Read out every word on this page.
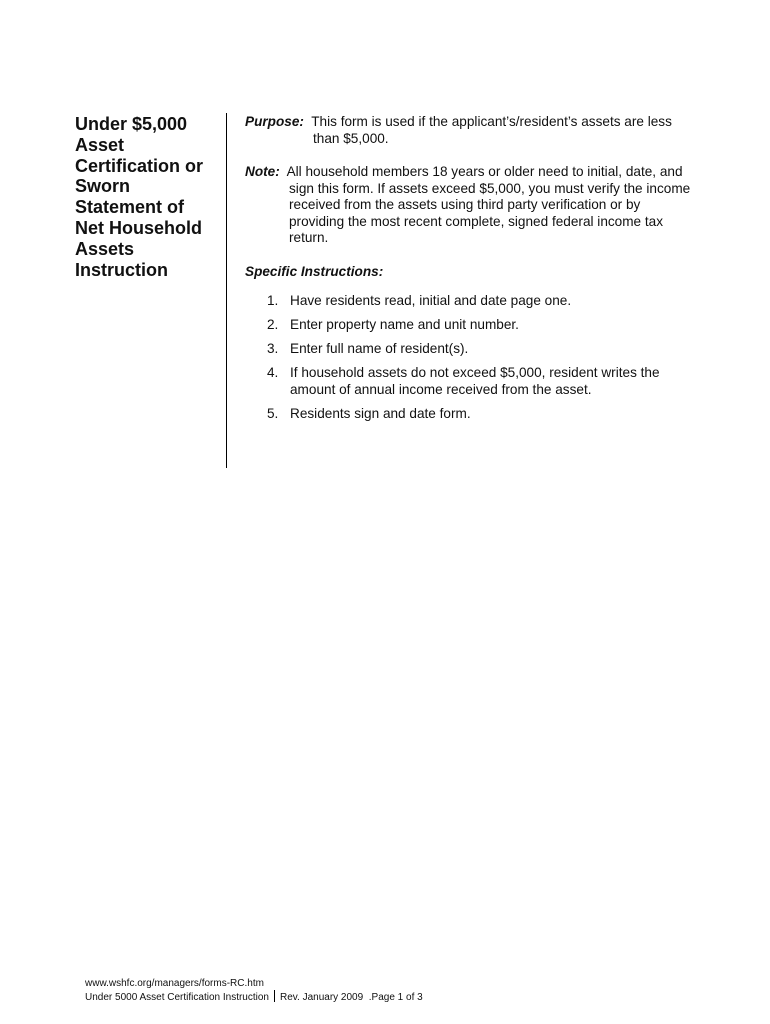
Under $5,000
Asset
Certification or
Sworn
Statement of
Net Household
Assets
Instruction

Purpose: This form is used if the applicant’s/resident’s assets are less than $5,000.

Note: All household members 18 years or older need to initial, date, and sign this form. If assets exceed $5,000, you must verify the income received from the assets using third party verification or by providing the most recent complete, signed federal income tax return.

Specific Instructions:

1. Have residents read, initial and date page one.
2. Enter property name and unit number.
3. Enter full name of resident(s).
4. If household assets do not exceed $5,000, resident writes the amount of annual income received from the asset.
5. Residents sign and date form.
www.wshfc.org/managers/forms-RC.htm
Under 5000 Asset Certification Instruction Rev. January 2009 .Page 1 of 3
